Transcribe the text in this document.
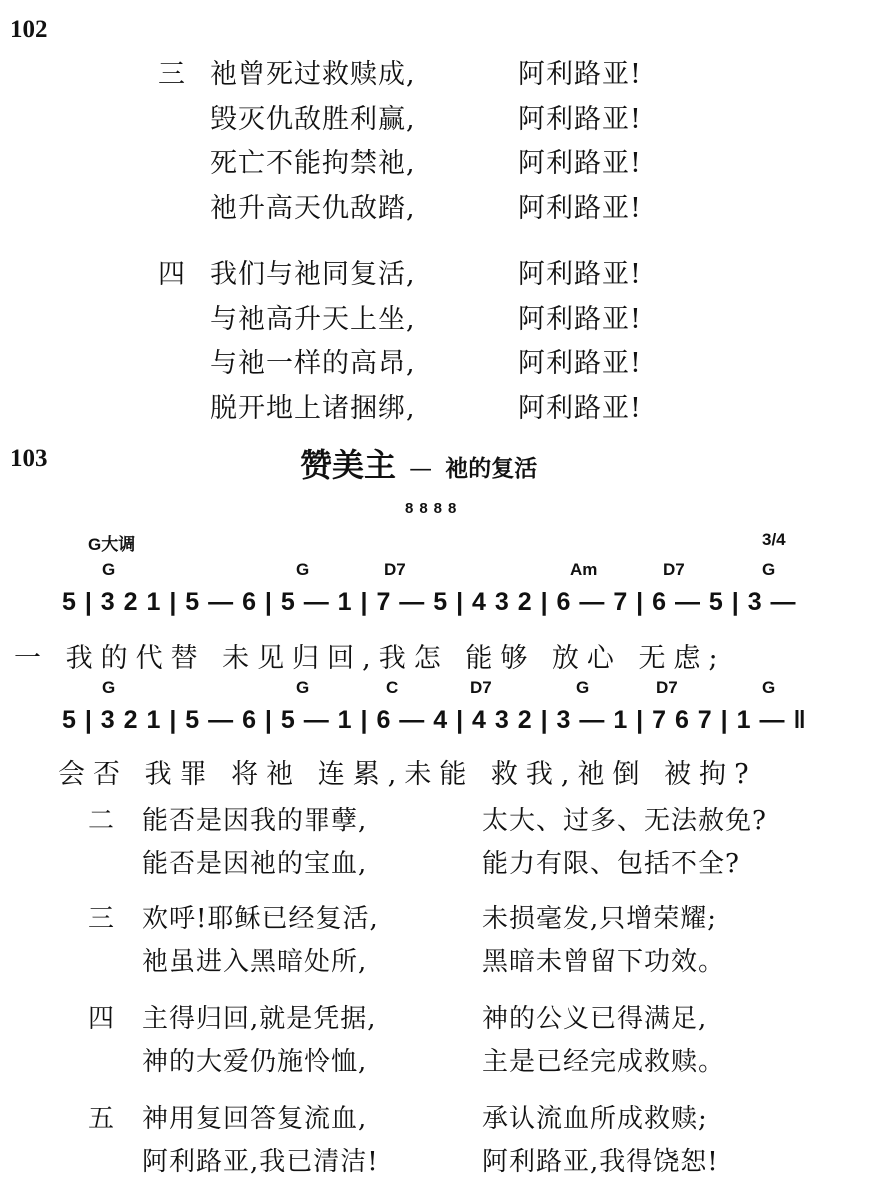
102
三 祂曾死过救赎成,	阿利路亚!
毁灭仇敌胜利赢,	阿利路亚!
死亡不能拘禁祂,	阿利路亚!
祂升高天仇敌踏,	阿利路亚!
四 我们与祂同复活,	阿利路亚!
与祂高升天上坐,	阿利路亚!
与祂一样的高昂,	阿利路亚!
脱开地上诸捆绑,	阿利路亚!
103	赞美主 — 祂的复活
8888
G大调	3/4
G	G	D7	Am	D7	G
5 | 3 2 1 | 5 — 6 | 5 — 1 | 7 — 5 | 4 3 2 | 6 — 7 | 6 — 5 | 3 —
一 我的代替 未见归回,我怎 能够 放心 无虑;
G	G	C	D7	G	D7	G
5 | 3 2 1 | 5 — 6 | 5 — 1 | 6 — 4 | 4 3 2 | 3 — 1 | 7 6 7 | 1 — ‖
会否 我罪 将祂 连累,未能 救我,祂倒 被拘?
二 能否是因我的罪孽,	太大、过多、无法赦免?
能否是因祂的宝血,	能力有限、包括不全?
三 欢呼!耶稣已经复活,	未损毫发,只增荣耀;
祂虽进入黑暗处所,	黑暗未曾留下功效。
四 主得归回,就是凭据,	神的公义已得满足,
神的大爱仍施怜恤,	主是已经完成救赎。
五 神用复回答复流血,	承认流血所成救赎;
阿利路亚,我已清洁!	阿利路亚,我得饶恕!
